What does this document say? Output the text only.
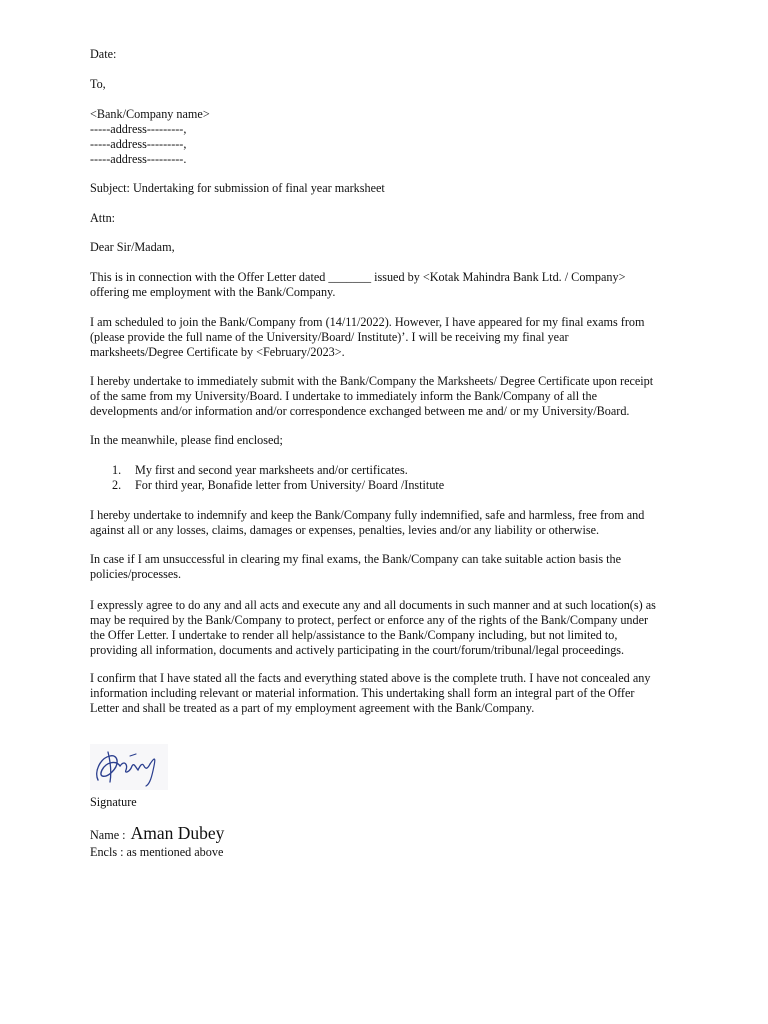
Date:
To,
<Bank/Company name>
-----address---------,
-----address---------,
-----address---------.
Subject: Undertaking for submission of final year marksheet
Attn:
Dear Sir/Madam,
This is in connection with the Offer Letter dated _______ issued by <Kotak Mahindra Bank Ltd. / Company>
offering me employment with the Bank/Company.
I am scheduled to join the Bank/Company from (14/11/2022). However, I have appeared for my final exams from
(please provide the full name of the University/Board/ Institute)’. I will be receiving my final year
marksheets/Degree Certificate by <February/2023>.
I hereby undertake to immediately submit with the Bank/Company the Marksheets/ Degree Certificate upon receipt
of the same from my University/Board. I undertake to immediately inform the Bank/Company of all the
developments and/or information and/or correspondence exchanged between me and/ or my University/Board.
In the meanwhile, please find enclosed;
1. My first and second year marksheets and/or certificates.
2. For third year, Bonafide letter from University/ Board /Institute
I hereby undertake to indemnify and keep the Bank/Company fully indemnified, safe and harmless, free from and
against all or any losses, claims, damages or expenses, penalties, levies and/or any liability or otherwise.
In case if I am unsuccessful in clearing my final exams, the Bank/Company can take suitable action basis the
policies/processes.
I expressly agree to do any and all acts and execute any and all documents in such manner and at such location(s) as
may be required by the Bank/Company to protect, perfect or enforce any of the rights of the Bank/Company under
the Offer Letter. I undertake to render all help/assistance to the Bank/Company including, but not limited to,
providing all information, documents and actively participating in the court/forum/tribunal/legal proceedings.
I confirm that I have stated all the facts and everything stated above is the complete truth. I have not concealed any
information including relevant or material information. This undertaking shall form an integral part of the Offer
Letter and shall be treated as a part of my employment agreement with the Bank/Company.
Signature
Name : Aman Dubey
Encls : as mentioned above
